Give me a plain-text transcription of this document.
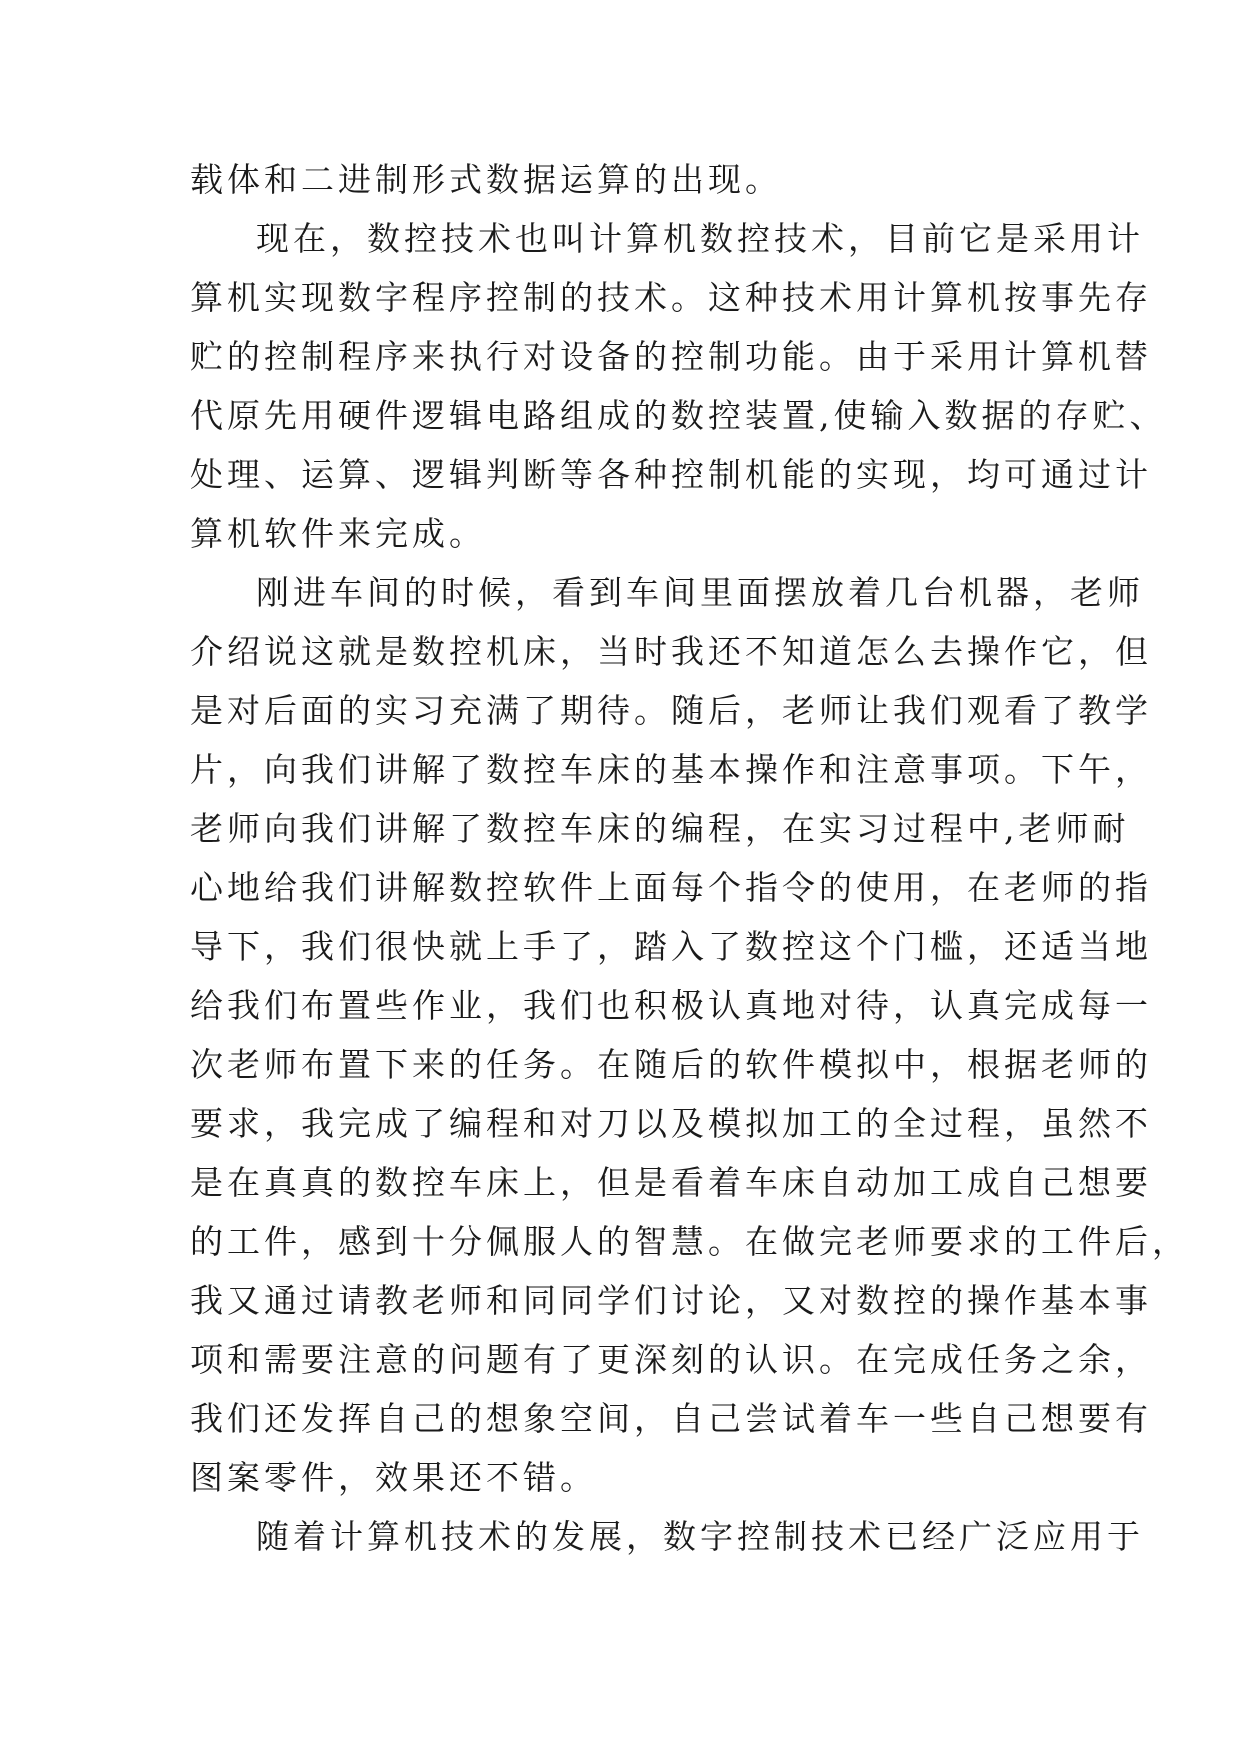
载体和二进制形式数据运算的出现。
现在，数控技术也叫计算机数控技术，目前它是采用计
算机实现数字程序控制的技术。这种技术用计算机按事先存
贮的控制程序来执行对设备的控制功能。由于采用计算机替
代原先用硬件逻辑电路组成的数控装置,使输入数据的存贮、
处理、运算、逻辑判断等各种控制机能的实现，均可通过计
算机软件来完成。
刚进车间的时候，看到车间里面摆放着几台机器，老师
介绍说这就是数控机床，当时我还不知道怎么去操作它，但
是对后面的实习充满了期待。随后，老师让我们观看了教学
片，向我们讲解了数控车床的基本操作和注意事项。下午，
老师向我们讲解了数控车床的编程，在实习过程中,老师耐
心地给我们讲解数控软件上面每个指令的使用，在老师的指
导下，我们很快就上手了，踏入了数控这个门槛，还适当地
给我们布置些作业，我们也积极认真地对待，认真完成每一
次老师布置下来的任务。在随后的软件模拟中，根据老师的
要求，我完成了编程和对刀以及模拟加工的全过程，虽然不
是在真真的数控车床上，但是看着车床自动加工成自己想要
的工件，感到十分佩服人的智慧。在做完老师要求的工件后，
我又通过请教老师和同同学们讨论，又对数控的操作基本事
项和需要注意的问题有了更深刻的认识。在完成任务之余，
我们还发挥自己的想象空间，自己尝试着车一些自己想要有
图案零件，效果还不错。
随着计算机技术的发展，数字控制技术已经广泛应用于
